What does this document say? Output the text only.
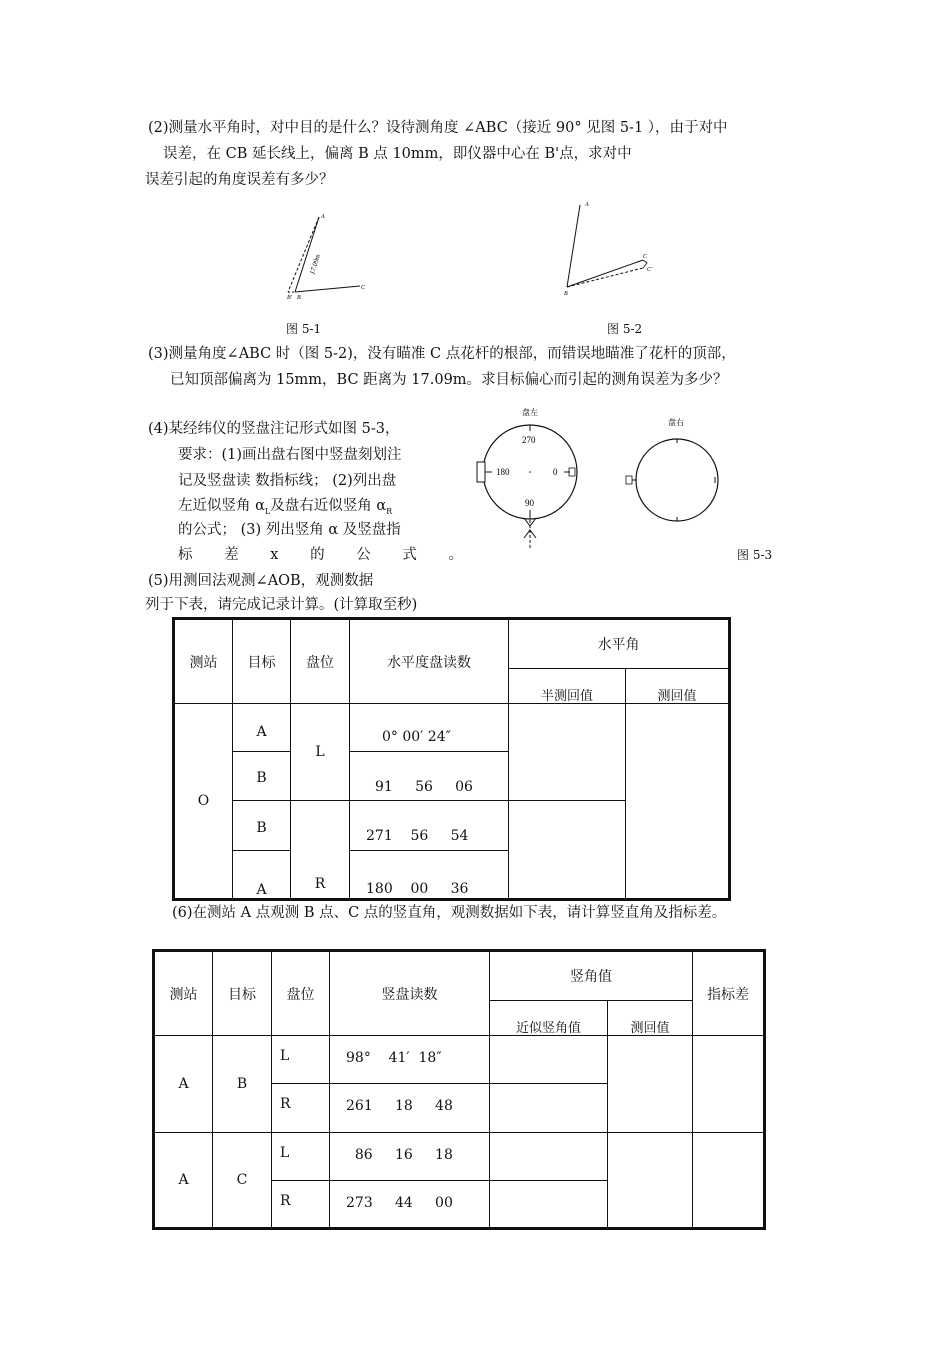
(2)测量水平角时，对中目的是什么？设待测角度 ∠ABC（接近 90° 见图 5-1 ），由于对中
误差，在 CB 延长线上，偏离 B 点 10mm，即仪器中心在 B'点，求对中
误差引起的角度误差有多少？
A
B' B
C
17.09m
图 5-1
A
B
C
C'
图 5-2
(3)测量角度∠ABC 时（图 5-2)，没有瞄准 C 点花杆的根部，而错误地瞄准了花杆的顶部，
已知顶部偏离为 15mm，BC 距离为 17.09m。求目标偏心而引起的测角误差为多少？
(4)某经纬仪的竖盘注记形式如图 5-3，
要求：(1)画出盘右图中竖盘刻划注
记及竖盘读 数指标线； (2)列出盘
左近似竖角 $\alpha_L$及盘右近似竖角 $\alpha_R$
的公式； (3) 列出竖角 α 及竖盘指
标 差 x 的 公 式 。
盘左
270
180	0
90
盘右
图 5-3
(5)用测回法观测∠AOB，观测数据
列于下表，请完成记录计算。(计算取至秒)
测站	目标	盘位	水平度盘读数	水平角	
				半测回值	测回值
O	A	L	0° 00′ 24″		
	B		91     56     06		
	B	R	271    56     54		
	A		180    00     36		
(6)在测站 A 点观测 B 点、C 点的竖直角，观测数据如下表，请计算竖直角及指标差。
测站	目标	盘位	竖盘读数	竖角值		指标差
				近似竖角值	测回值	
A	B	L	98°    41′  18″			
		R	261     18     48			
A	C	L	86     16     18			
		R	273     44     00			
